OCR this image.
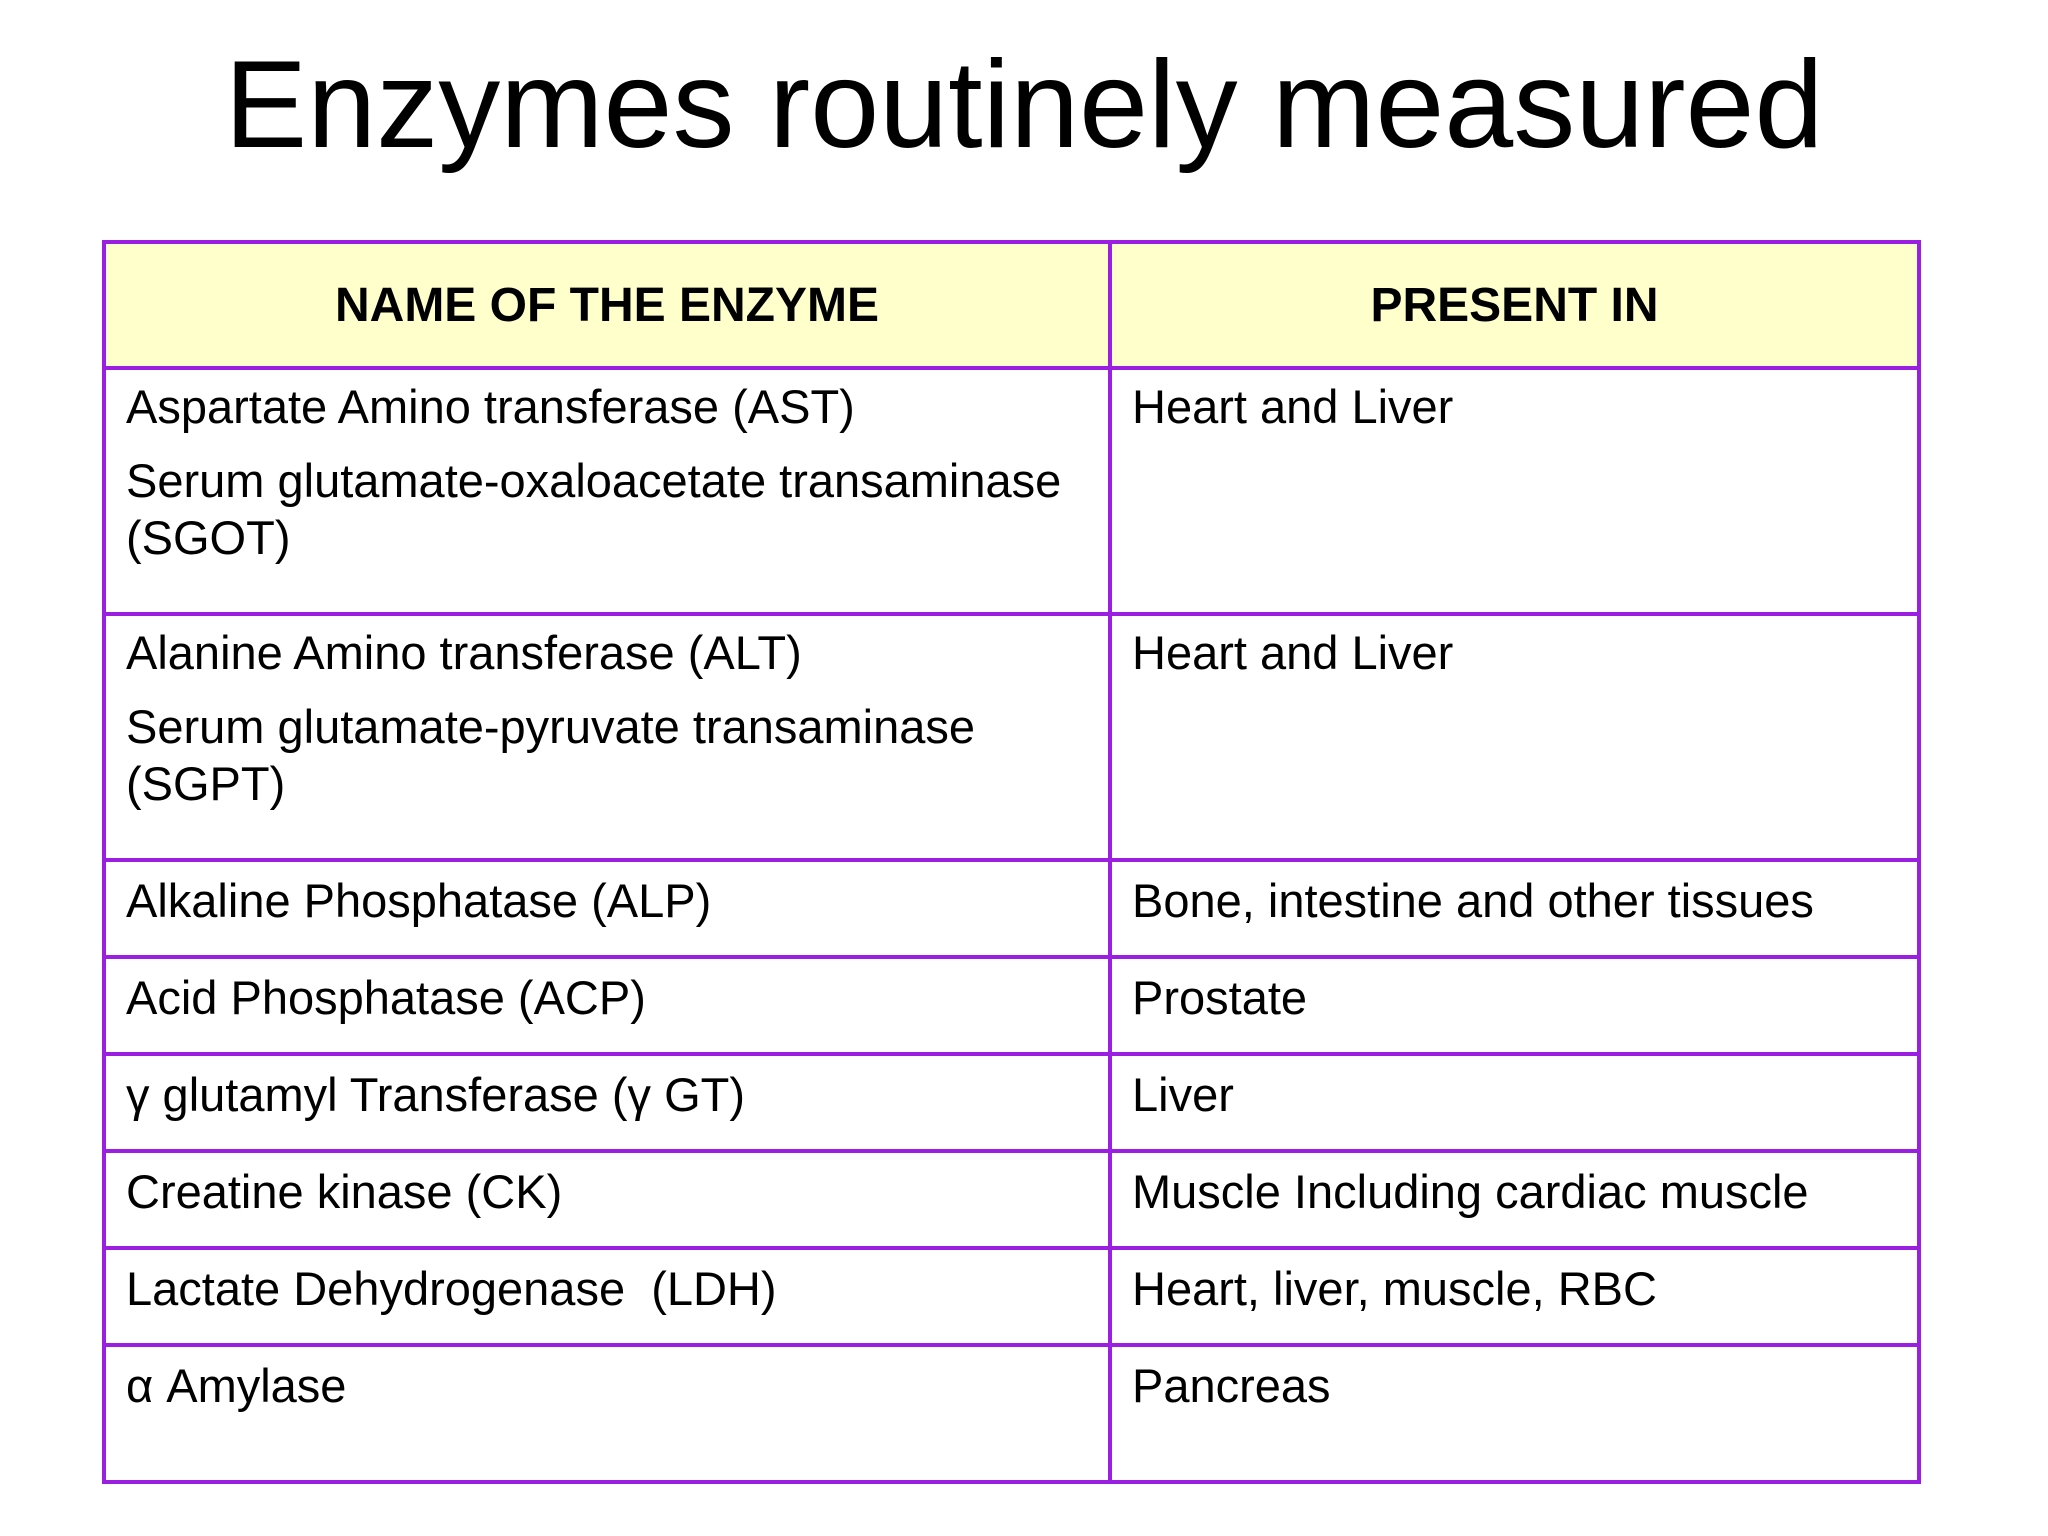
Enzymes routinely measured
NAME OF THE ENZYME	PRESENT IN

Aspartate Amino transferase (AST)
Serum glutamate-oxaloacetate transaminase (SGOT)	Heart and Liver

Alanine Amino transferase (ALT)
Serum glutamate-pyruvate transaminase (SGPT)	Heart and Liver

Alkaline Phosphatase (ALP)	Bone, intestine and other tissues

Acid Phosphatase (ACP)	Prostate

γ glutamyl Transferase (γ GT)	Liver

Creatine kinase (CK)	Muscle Including cardiac muscle

Lactate Dehydrogenase  (LDH)	Heart, liver, muscle, RBC

α Amylase	Pancreas
